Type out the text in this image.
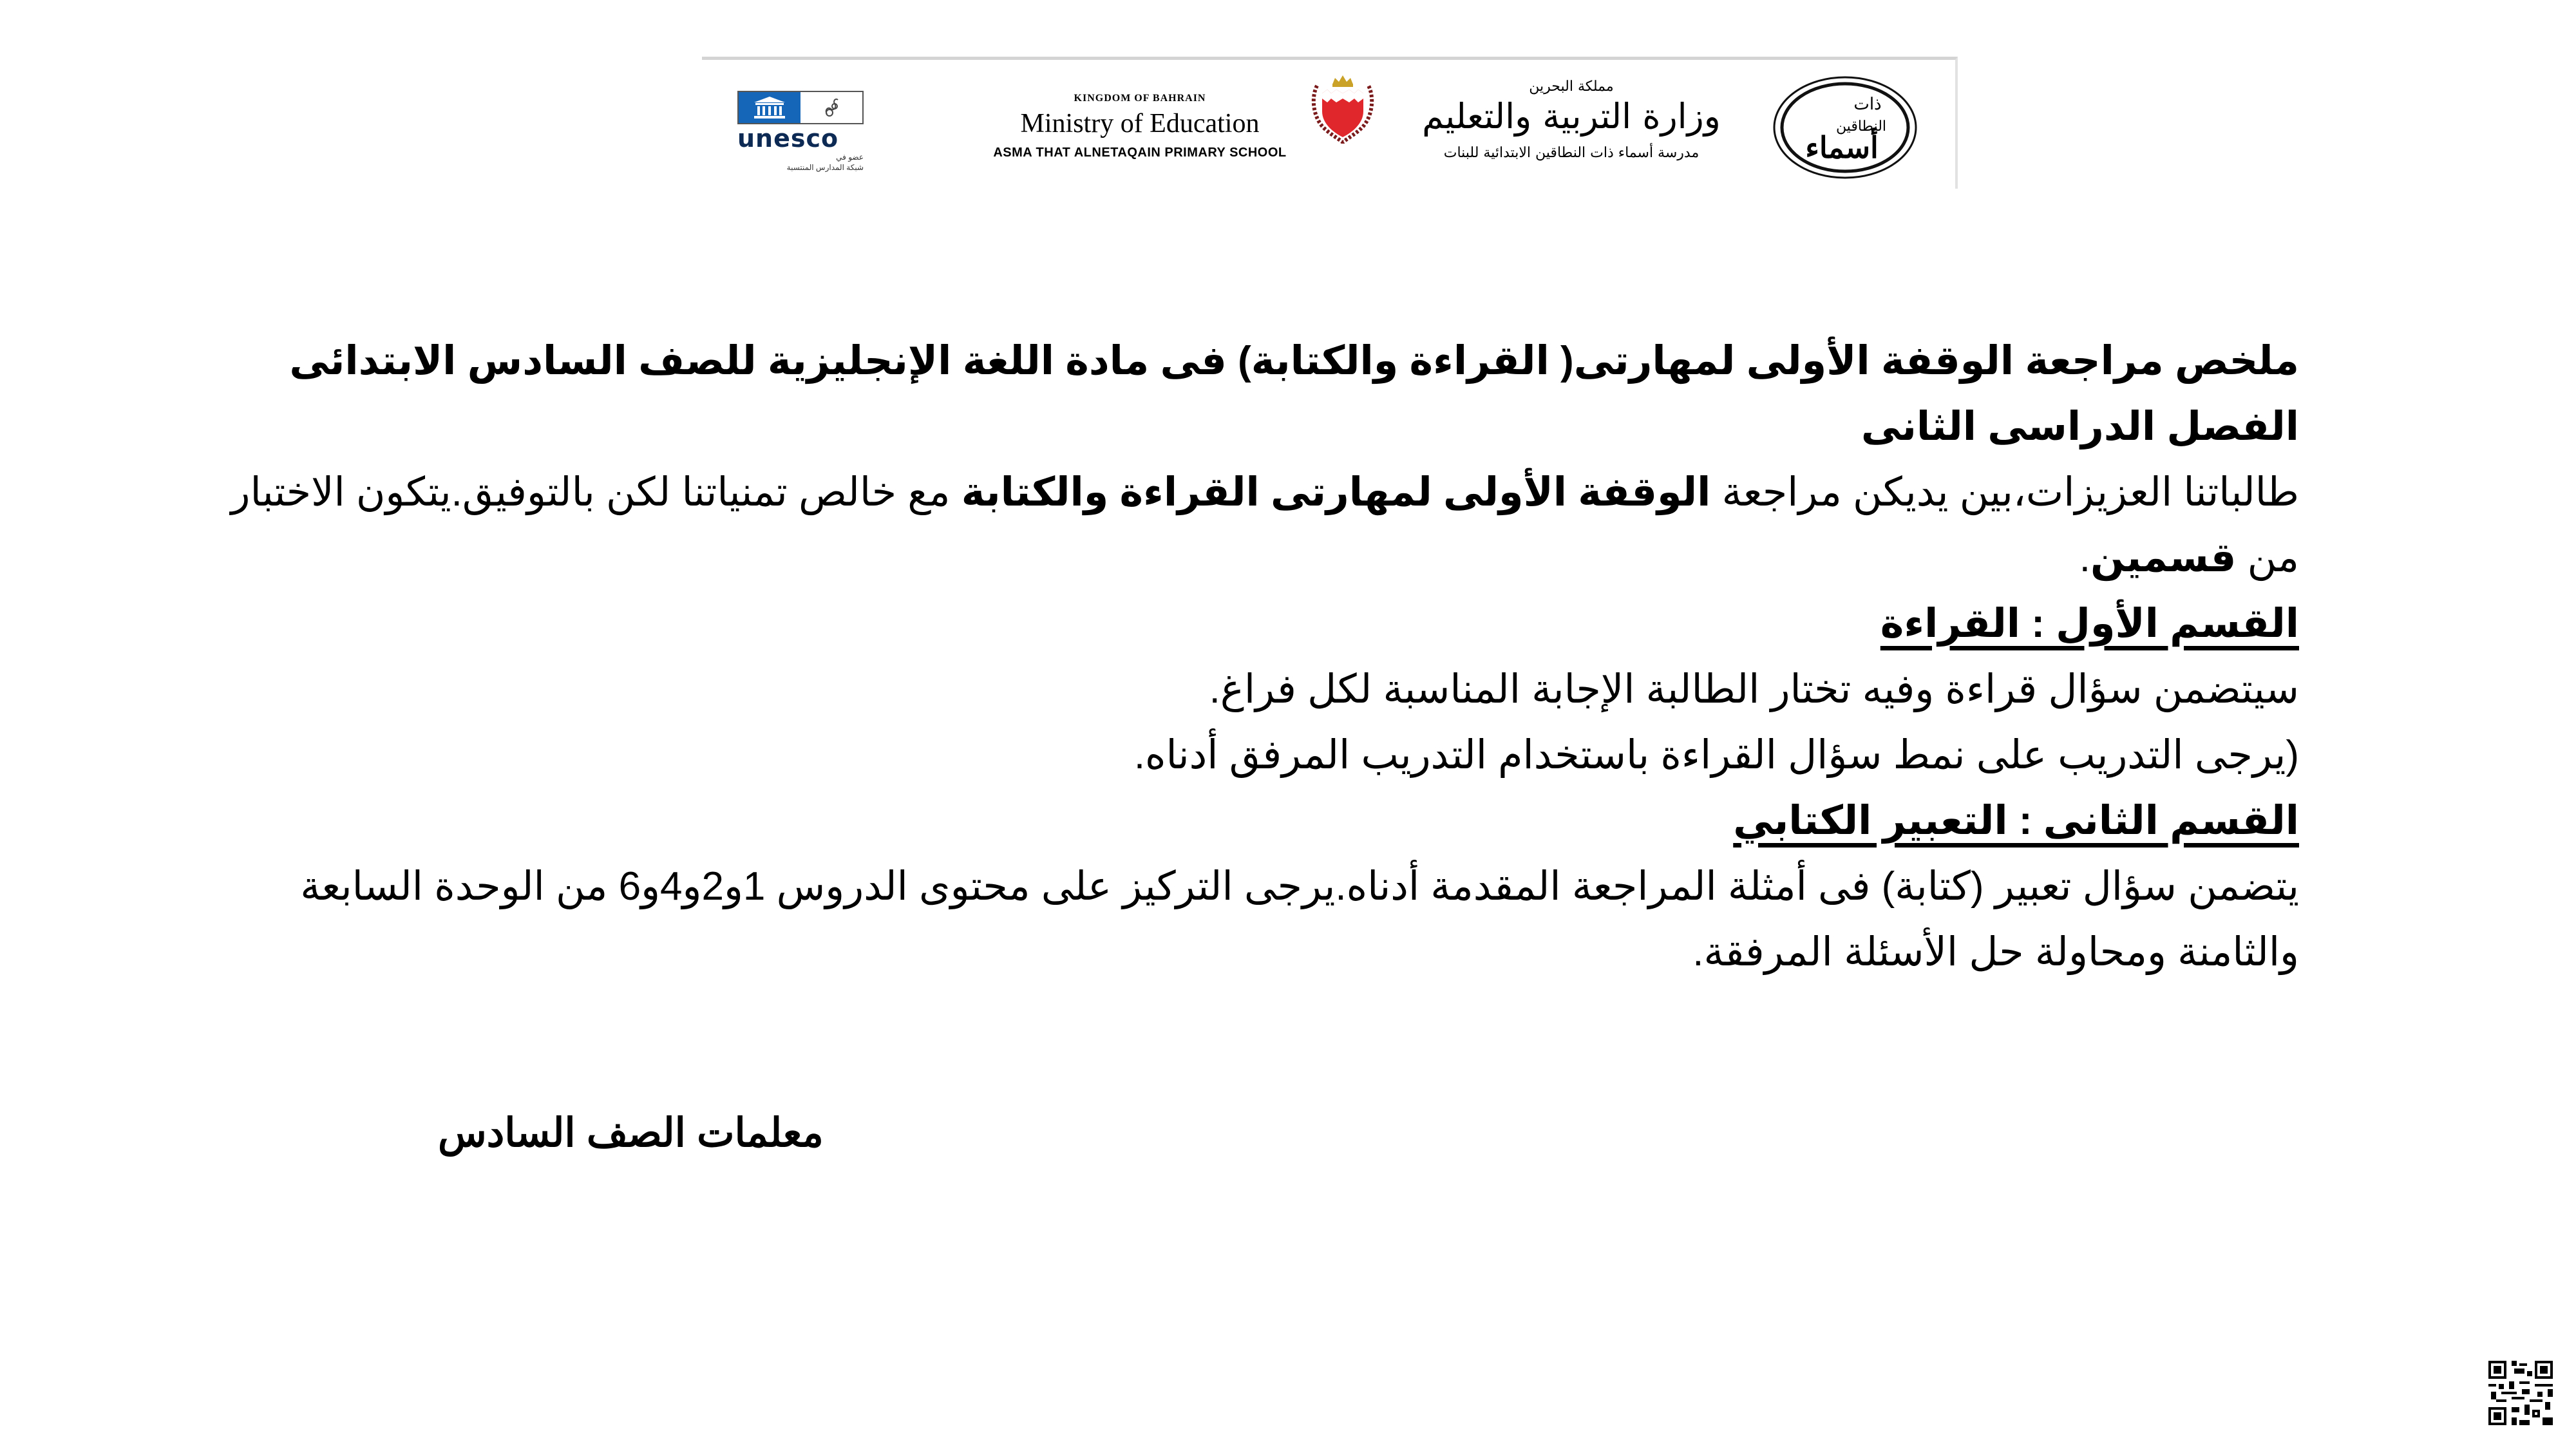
unesco
عضو في
شبكة المدارس المنتسبة
KINGDOM OF BAHRAIN
Ministry of Education
ASMA THAT ALNETAQAIN PRIMARY SCHOOL
مملكة البحرين
وزارة التربية والتعليم
مدرسة أسماء ذات النطاقين الابتدائية للبنات
ذات
النطاقين
أسماء

ملخص مراجعة الوقفة الأولى لمهارتى( القراءة والكتابة) فى مادة اللغة الإنجليزية للصف السادس الابتدائى الفصل الدراسى الثانى

طالباتنا العزيزات،بين يديكن مراجعة الوقفة الأولى لمهارتى القراءة والكتابة مع خالص تمنياتنا لكن بالتوفيق.يتكون الاختبار من قسمين.

القسم الأول : القراءة

سيتضمن سؤال قراءة وفيه تختار الطالبة الإجابة المناسبة لكل فراغ.

(يرجى التدريب على نمط سؤال القراءة باستخدام التدريب المرفق أدناه.

القسم الثانى : التعبير الكتابي

يتضمن سؤال تعبير (كتابة) فى أمثلة المراجعة المقدمة أدناه.يرجى التركيز على محتوى الدروس 1و2و4و6 من الوحدة السابعة والثامنة ومحاولة حل الأسئلة المرفقة.

معلمات الصف السادس
